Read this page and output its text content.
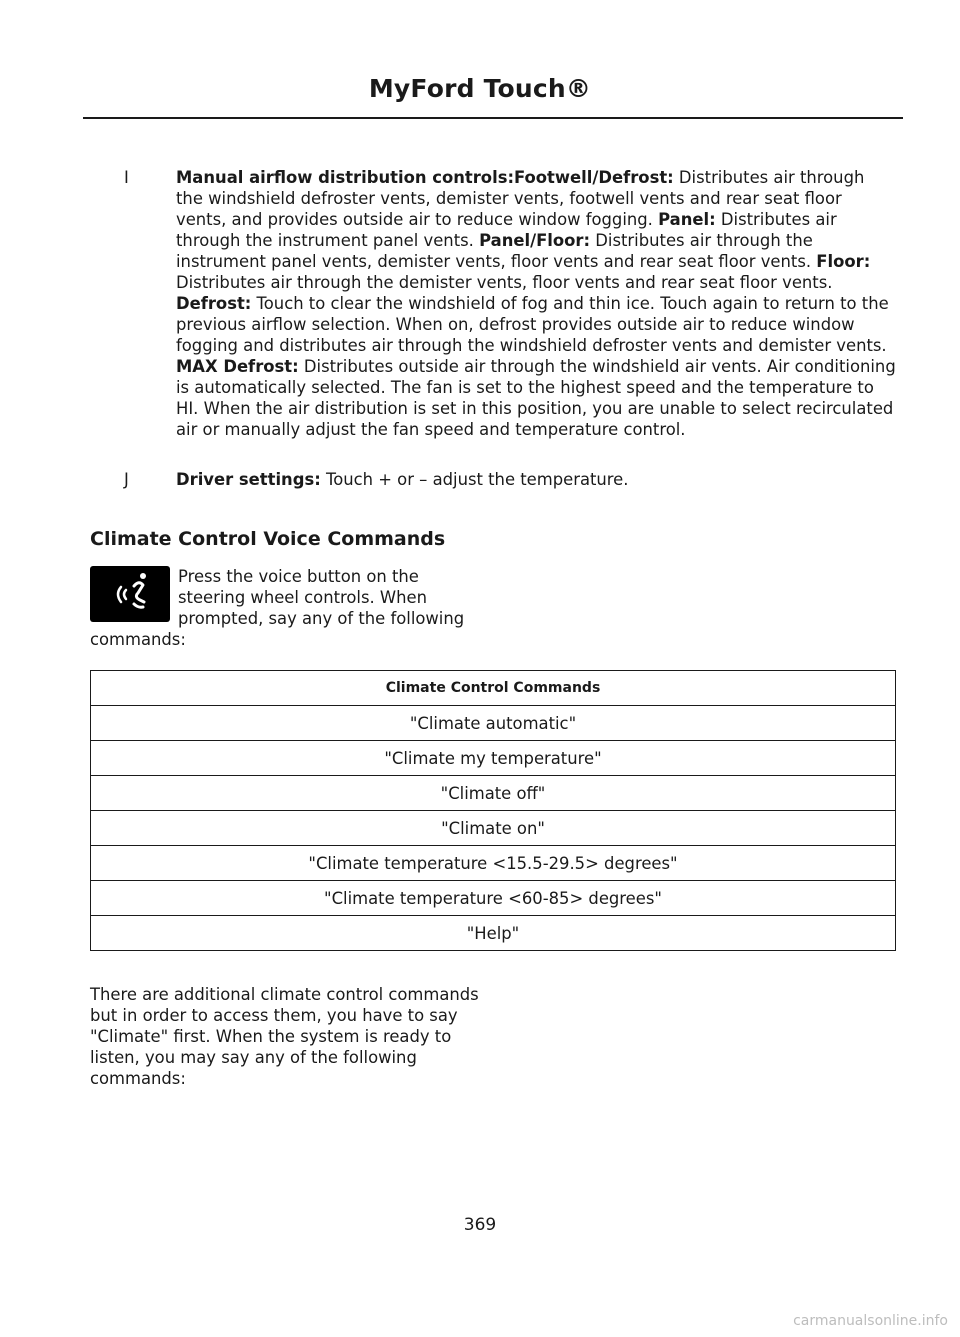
MyFord Touch®
I	Manual airflow distribution controls:Footwell/Defrost: Distributes air through the windshield defroster vents, demister vents, footwell vents and rear seat floor vents, and provides outside air to reduce window fogging. Panel: Distributes air through the instrument panel vents. Panel/Floor: Distributes air through the instrument panel vents, demister vents, floor vents and rear seat floor vents. Floor: Distributes air through the demister vents, floor vents and rear seat floor vents. Defrost: Touch to clear the windshield of fog and thin ice. Touch again to return to the previous airflow selection. When on, defrost provides outside air to reduce window fogging and distributes air through the windshield defroster vents and demister vents. MAX Defrost: Distributes outside air through the windshield air vents. Air conditioning is automatically selected. The fan is set to the highest speed and the temperature to HI. When the air distribution is set in this position, you are unable to select recirculated air or manually adjust the fan speed and temperature control.
J	Driver settings: Touch + or – adjust the temperature.
Climate Control Voice Commands
Press the voice button on the steering wheel controls. When prompted, say any of the following commands:
Climate Control Commands
"Climate automatic"
"Climate my temperature"
"Climate off"
"Climate on"
"Climate temperature <15.5-29.5> degrees"
"Climate temperature <60-85> degrees"
"Help"
There are additional climate control commands but in order to access them, you have to say "Climate" first. When the system is ready to listen, you may say any of the following commands:
369
carmanualsonline.info
